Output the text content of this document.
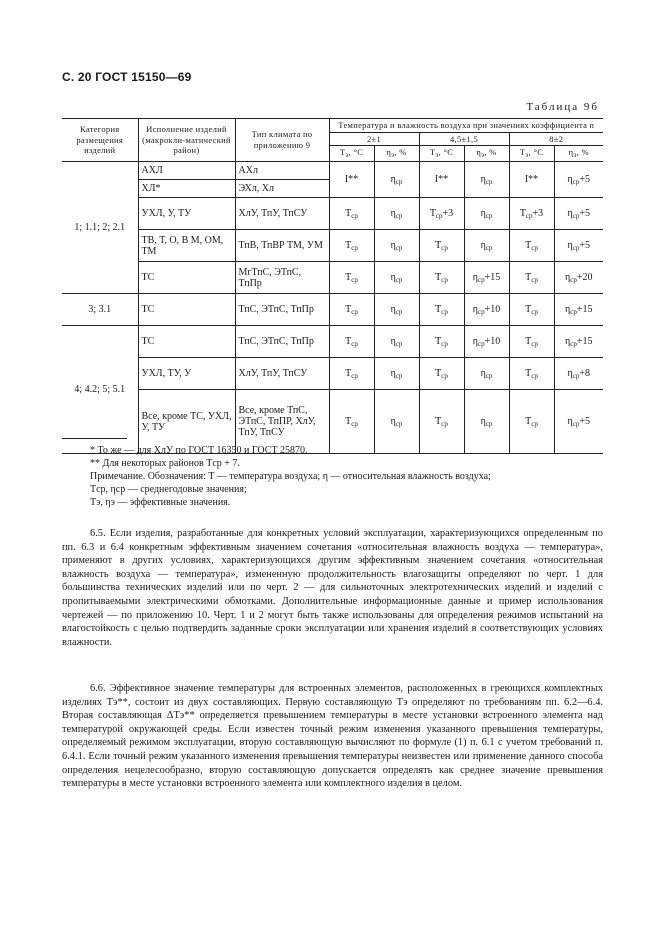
С. 20 ГОСТ 15150—69
Таблица 9б
Категория размещения изделий	Исполнение изделий (макрокли-матический район)	Тип климата по приложению 9	Температура и влажность воздуха при значениях коэффициента n					
			2±1		4,5±1,5		8±2	
			$T_э$, °C	$\eta_э$, %	$T_э$, °C	$\eta_э$, %	$T_э$, °C	$\eta_э$, %
1; 1.1; 2; 2.1	АХЛ	АХл	I**	$\eta_{ср}$	I**	$\eta_{ср}$	I**	$\eta_{ср}+5$
	ХЛ*	ЭХл, Хл						
	УХЛ, У, ТУ	ХлУ, ТпУ, ТпСУ	$T_{ср}$	$\eta_{ср}$	$T_{ср}+3$	$\eta_{ср}$	$T_{ср}+3$	$\eta_{ср}+5$
	ТВ, Т, О, В М, ОМ, ТМ	ТпВ, ТпВР ТМ, УМ	$T_{ср}$	$\eta_{ср}$	$T_{ср}$	$\eta_{ср}$	$T_{ср}$	$\eta_{ср}+5$
	ТС	МгТпС, ЭТпС, ТпПр	$T_{ср}$	$\eta_{ср}$	$T_{ср}$	$\eta_{ср}+15$	$T_{ср}$	$\eta_{ср}+20$
3; 3.1	ТС	ТпС, ЭТпС, ТпПр	$T_{ср}$	$\eta_{ср}$	$T_{ср}$	$\eta_{ср}+10$	$T_{ср}$	$\eta_{ср}+15$
4; 4.2; 5; 5.1	ТС	ТпС, ЭТпС, ТпПр	$T_{ср}$	$\eta_{ср}$	$T_{ср}$	$\eta_{ср}+10$	$T_{ср}$	$\eta_{ср}+15$
	УХЛ, ТУ, У	ХлУ, ТпУ, ТпСУ	$T_{ср}$	$\eta_{ср}$	$T_{ср}$	$\eta_{ср}$	$T_{ср}$	$\eta_{ср}+8$
	Все, кроме ТС, УХЛ, У, ТУ	Все, кроме ТпС, ЭТпС, ТпПР, ХлУ, ТпУ, ТпСУ	$T_{ср}$	$\eta_{ср}$	$T_{ср}$	$\eta_{ср}$	$T_{ср}$	$\eta_{ср}+5$
* То же — для ХлУ по ГОСТ 16350 и ГОСТ 25870.
** Для некоторых районов Tср + 7.
Примечание. Обозначения: T — температура воздуха; η — относительная влажность воздуха;
Tср, ηср — среднегодовые значения;
Tэ, ηэ — эффективные значения.
6.5. Если изделия, разработанные для конкретных условий эксплуатации, характеризующихся определенным по пп. 6.3 и 6.4 конкретным эффективным значением сочетания «относительная влажность воздуха — температура», применяют в других условиях, характеризующихся другим эффективным значением сочетания «относительная влажность воздуха — температура», измененную продолжительность влагозащиты определяют по черт. 1 для большинства технических изделий или по черт. 2 — для сильноточных электротехнических изделий и изделий с пропитываемыми электрическими обмотками. Дополнительные информационные данные и пример использования чертежей — по приложению 10. Черт. 1 и 2 могут быть также использованы для определения режимов испытаний на влагостойкость с целью подтвердить заданные сроки эксплуатации или хранения изделий в соответствующих условиях влажности.
6.6. Эффективное значение температуры для встроенных элементов, расположенных в греющихся комплектных изделиях Tэ**, состоит из двух составляющих. Первую составляющую Tэ определяют по требованиям пп. 6.2—6.4. Вторая составляющая ΔTэ** определяется превышением температуры в месте установки встроенного элемента над температурой окружающей среды. Если известен точный режим изменения указанного превышения температуры, определяемый режимом эксплуатации, вторую составляющую вычисляют по формуле (1) п. 6.1 с учетом требований п. 6.4.1. Если точный режим указанного изменения превышения температуры неизвестен или применение данного способа определения нецелесообразно, вторую составляющую допускается определять как среднее значение превышения температуры в месте установки встроенного элемента или комплектного изделия в целом.
